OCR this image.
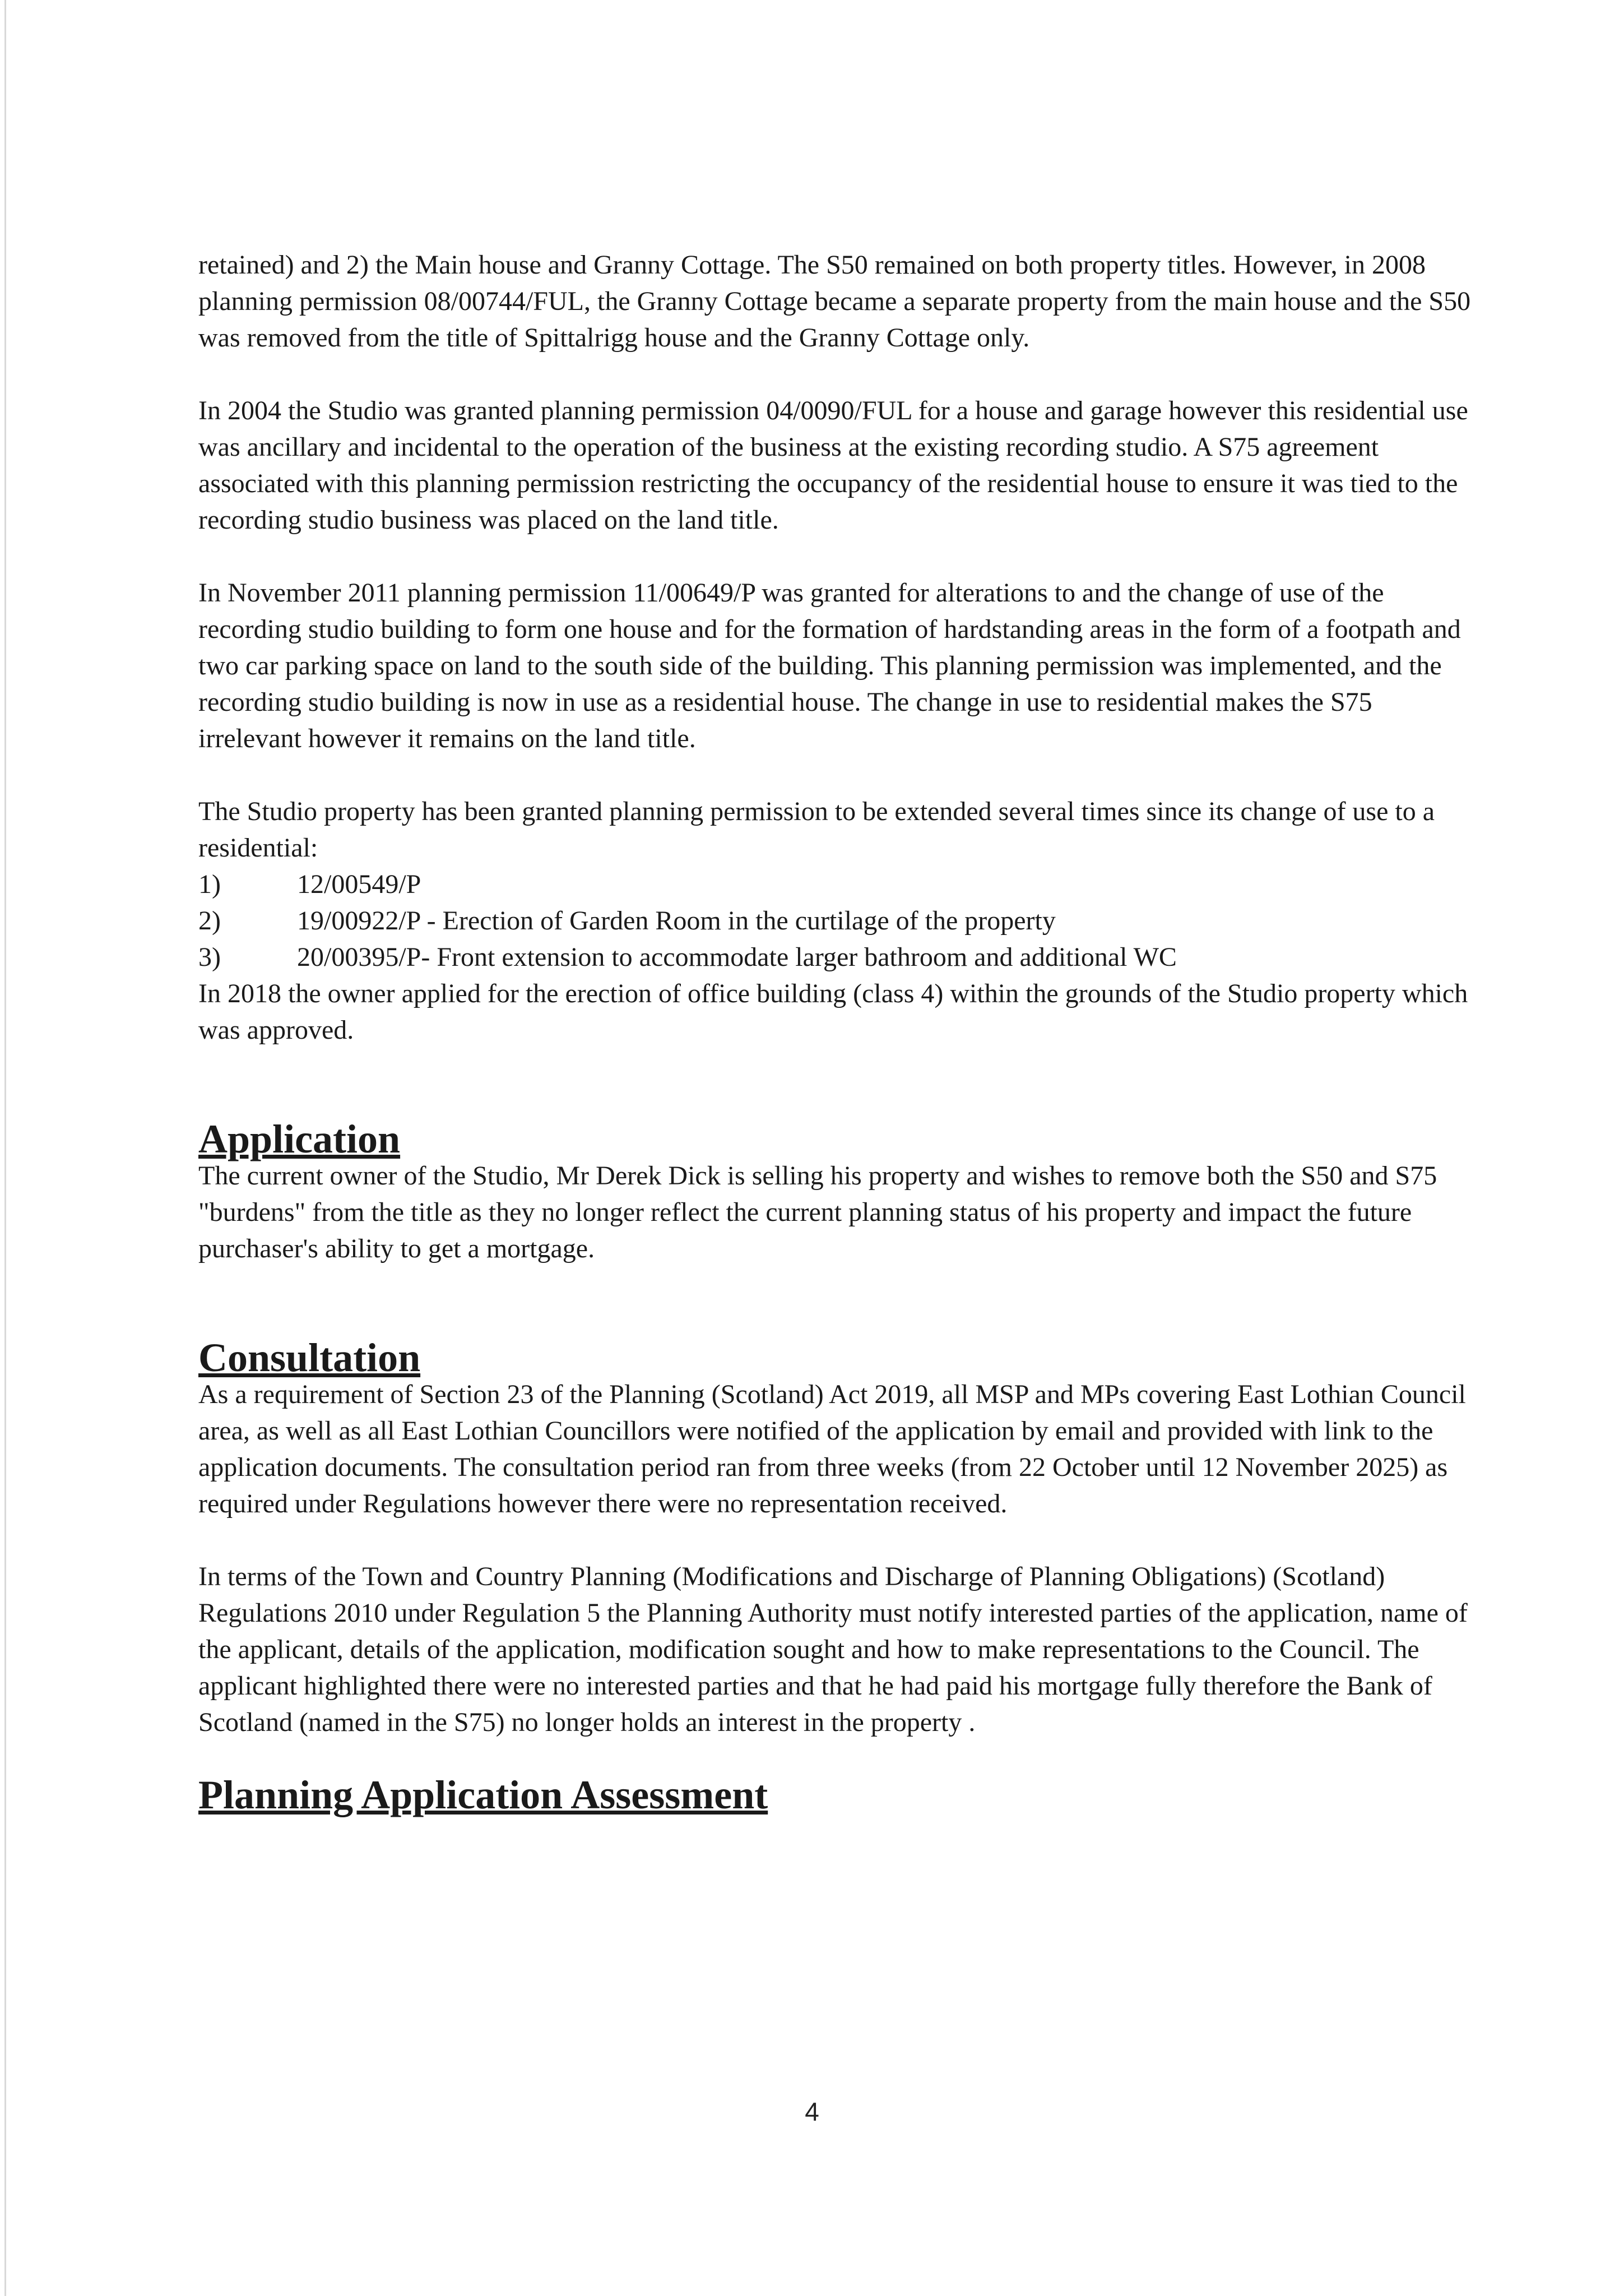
retained) and 2) the Main house and Granny Cottage. The S50 remained on both property titles. However, in 2008 planning permission 08/00744/FUL, the Granny Cottage became a separate property from the main house and the S50 was removed from the title of Spittalrigg house and the Granny Cottage only.

In 2004 the Studio was granted planning permission 04/0090/FUL for a house and garage however this residential use was ancillary and incidental to the operation of the business at the existing recording studio. A S75 agreement associated with this planning permission restricting the occupancy of the residential house to ensure it was tied to the recording studio business was placed on the land title.

In November 2011 planning permission 11/00649/P was granted for alterations to and the change of use of the recording studio building to form one house and for the formation of hardstanding areas in the form of a footpath and two car parking space on land to the south side of the building. This planning permission was implemented, and the recording studio building is now in use as a residential house. The change in use to residential makes the S75 irrelevant however it remains on the land title.

The Studio property has been granted planning permission to be extended several times since its change of use to a residential:

1)	12/00549/P
2)	19/00922/P - Erection of Garden Room in the curtilage of the property
3)	20/00395/P- Front extension to accommodate larger bathroom and additional WC

In 2018 the owner applied for the erection of office building (class 4) within the grounds of the Studio property which was approved.

Application

The current owner of the Studio, Mr Derek Dick is selling his property and wishes to remove both the S50 and S75 "burdens" from the title as they no longer reflect the current planning status of his property and impact the future purchaser's ability to get a mortgage.

Consultation

As a requirement of Section 23 of the Planning (Scotland) Act 2019, all MSP and MPs covering East Lothian Council area, as well as all East Lothian Councillors were notified of the application by email and provided with link to the application documents. The consultation period ran from three weeks (from 22 October until 12 November 2025) as required under Regulations however there were no representation received.

In terms of the Town and Country Planning (Modifications and Discharge of Planning Obligations) (Scotland) Regulations 2010 under Regulation 5 the Planning Authority must notify interested parties of the application, name of the applicant, details of the application, modification sought and how to make representations to the Council. The applicant highlighted there were no interested parties and that he had paid his mortgage fully therefore the Bank of Scotland (named in the S75) no longer holds an interest in the property .

Planning Application Assessment
4
